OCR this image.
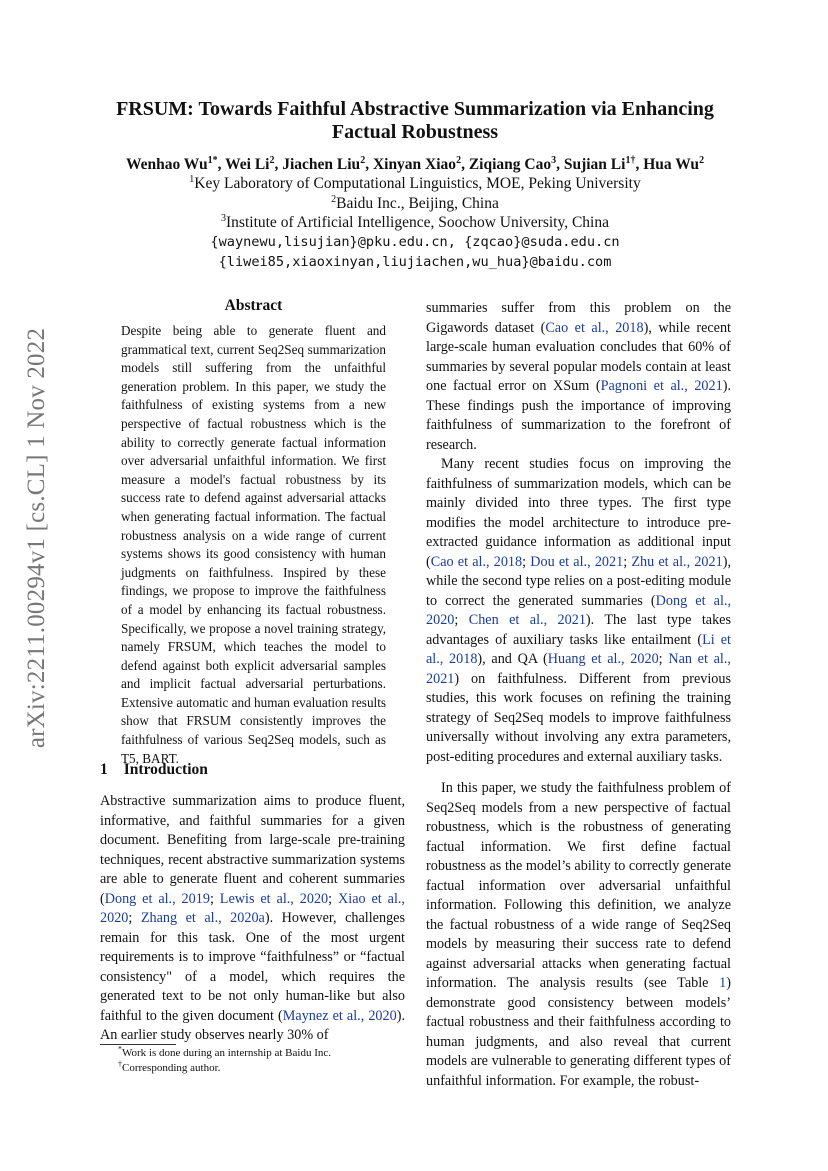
arXiv:2211.00294v1 [cs.CL] 1 Nov 2022
FRSUM: Towards Faithful Abstractive Summarization via Enhancing Factual Robustness
Wenhao $Wu^{1*}$, Wei Li$^2$, Jiachen Liu$^2$, Xinyan Xiao$^2$, Ziqiang Cao$^3$, Sujian $Li^{1\dagger}$, Hua Wu$^2$
$^1$Key Laboratory of Computational Linguistics, MOE, Peking University
$^2$Baidu Inc., Beijing, China
$^3$Institute of Artificial Intelligence, Soochow University, China
{waynewu,lisujian}@pku.edu.cn, {zqcao}@suda.edu.cn
{liwei85,xiaoxinyan,liujiachen,wu_hua}@baidu.com
Abstract
Despite being able to generate fluent and grammatical text, current Seq2Seq summarization models still suffering from the unfaithful generation problem. In this paper, we study the faithfulness of existing systems from a new perspective of factual robustness which is the ability to correctly generate factual information over adversarial unfaithful information. We first measure a model's factual robustness by its success rate to defend against adversarial attacks when generating factual information. The factual robustness analysis on a wide range of current systems shows its good consistency with human judgments on faithfulness. Inspired by these findings, we propose to improve the faithfulness of a model by enhancing its factual robustness. Specifically, we propose a novel training strategy, namely FRSUM, which teaches the model to defend against both explicit adversarial samples and implicit factual adversarial perturbations. Extensive automatic and human evaluation results show that FRSUM consistently improves the faithfulness of various Seq2Seq models, such as T5, BART.
1 Introduction
Abstractive summarization aims to produce fluent, informative, and faithful summaries for a given document. Benefiting from large-scale pre-training techniques, recent abstractive summarization systems are able to generate fluent and coherent summaries (Dong et al., 2019; Lewis et al., 2020; Xiao et al., 2020; Zhang et al., 2020a). However, challenges remain for this task. One of the most urgent requirements is to improve “faithfulness” or “factual consistency" of a model, which requires the generated text to be not only human-like but also faithful to the given document (Maynez et al., 2020). An earlier study observes nearly 30% of
summaries suffer from this problem on the Gigawords dataset (Cao et al., 2018), while recent large-scale human evaluation concludes that 60% of summaries by several popular models contain at least one factual error on XSum (Pagnoni et al., 2021). These findings push the importance of improving faithfulness of summarization to the forefront of research.
Many recent studies focus on improving the faithfulness of summarization models, which can be mainly divided into three types. The first type modifies the model architecture to introduce pre-extracted guidance information as additional input (Cao et al., 2018; Dou et al., 2021; Zhu et al., 2021), while the second type relies on a post-editing module to correct the generated summaries (Dong et al., 2020; Chen et al., 2021). The last type takes advantages of auxiliary tasks like entailment (Li et al., 2018), and QA (Huang et al., 2020; Nan et al., 2021) on faithfulness. Different from previous studies, this work focuses on refining the training strategy of Seq2Seq models to improve faithfulness universally without involving any extra parameters, post-editing procedures and external auxiliary tasks.
In this paper, we study the faithfulness problem of Seq2Seq models from a new perspective of factual robustness, which is the robustness of generating factual information. We first define factual robustness as the model’s ability to correctly generate factual information over adversarial unfaithful information. Following this definition, we analyze the factual robustness of a wide range of Seq2Seq models by measuring their success rate to defend against adversarial attacks when generating factual information. The analysis results (see Table 1) demonstrate good consistency between models’ factual robustness and their faithfulness according to human judgments, and also reveal that current models are vulnerable to generating different types of unfaithful information. For example, the robust-
*Work is done during an internship at Baidu Inc.
†Corresponding author.
